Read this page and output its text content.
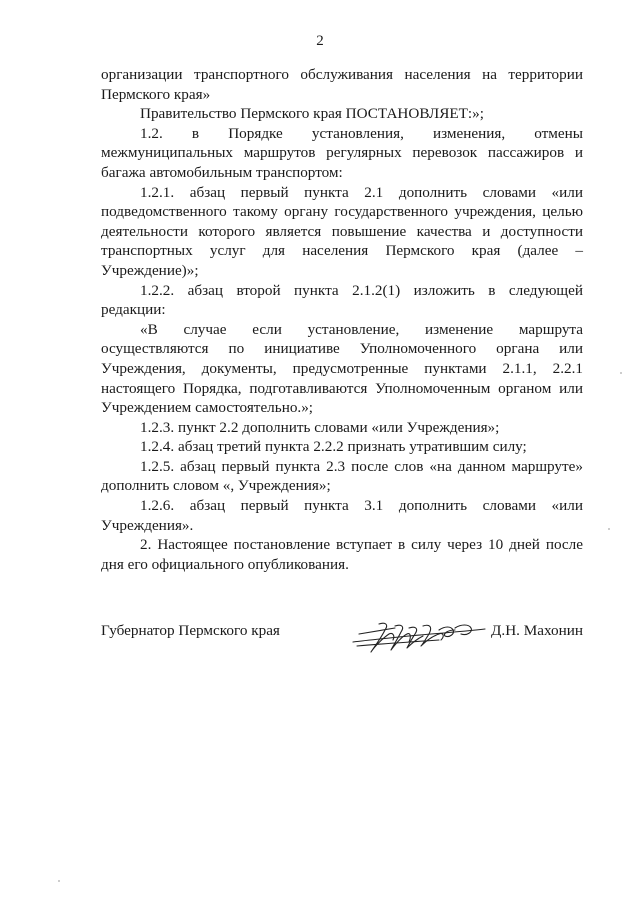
2

организации транспортного обслуживания населения на территории Пермского края»

Правительство Пермского края ПОСТАНОВЛЯЕТ:»;

1.2. в Порядке установления, изменения, отмены межмуниципальных маршрутов регулярных перевозок пассажиров и багажа автомобильным транспортом:

1.2.1. абзац первый пункта 2.1 дополнить словами «или подведомственного такому органу государственного учреждения, целью деятельности которого является повышение качества и доступности транспортных услуг для населения Пермского края (далее – Учреждение)»;

1.2.2. абзац второй пункта 2.1.2(1) изложить в следующей редакции:

«В случае если установление, изменение маршрута осуществляются по инициативе Уполномоченного органа или Учреждения, документы, предусмотренные пунктами 2.1.1, 2.2.1 настоящего Порядка, подготавливаются Уполномоченным органом или Учреждением самостоятельно.»;

1.2.3. пункт 2.2 дополнить словами «или Учреждения»;

1.2.4. абзац третий пункта 2.2.2 признать утратившим силу;

1.2.5. абзац первый пункта 2.3 после слов «на данном маршруте» дополнить словом «, Учреждения»;

1.2.6. абзац первый пункта 3.1 дополнить словами «или Учреждения».

2. Настоящее постановление вступает в силу через 10 дней после дня его официального опубликования.

Губернатор Пермского края	Д.Н. Махонин
